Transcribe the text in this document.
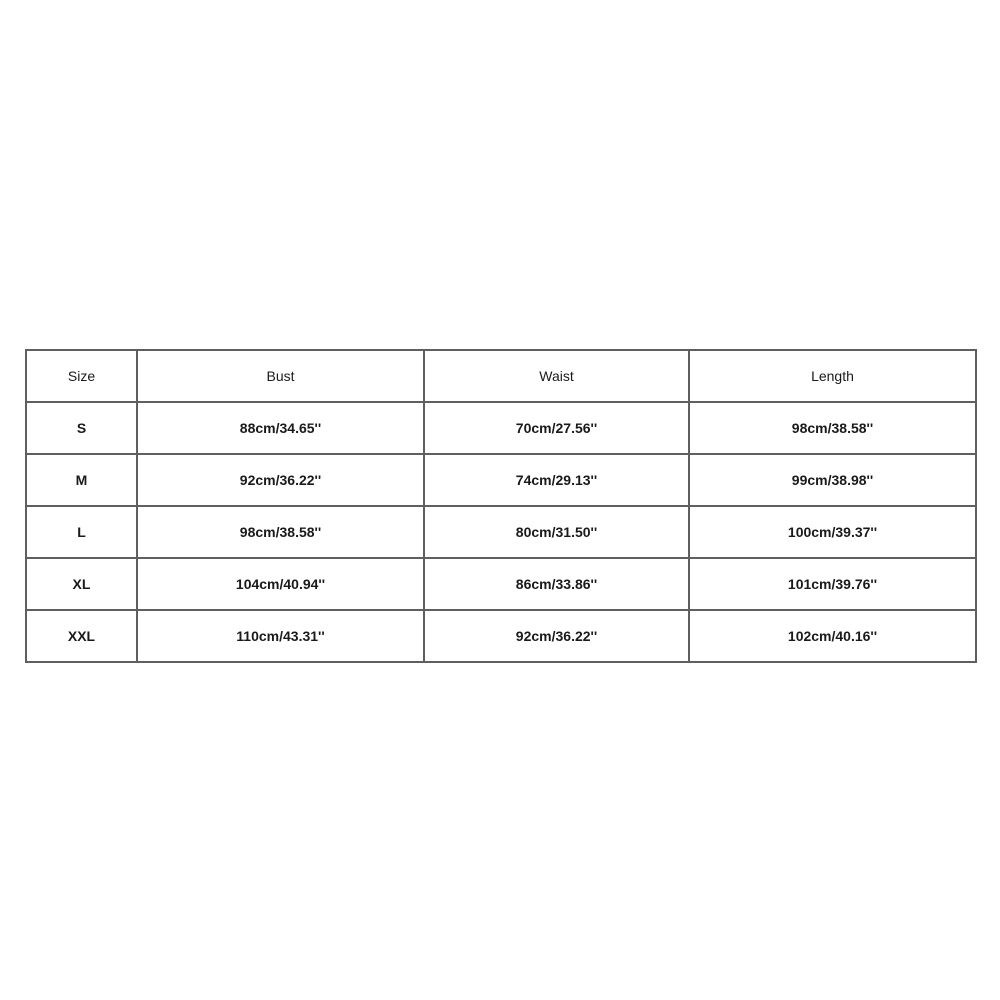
Size	Bust	Waist	Length
S	88cm/34.65''	70cm/27.56''	98cm/38.58''
M	92cm/36.22''	74cm/29.13''	99cm/38.98''
L	98cm/38.58''	80cm/31.50''	100cm/39.37''
XL	104cm/40.94''	86cm/33.86''	101cm/39.76''
XXL	110cm/43.31''	92cm/36.22''	102cm/40.16''
